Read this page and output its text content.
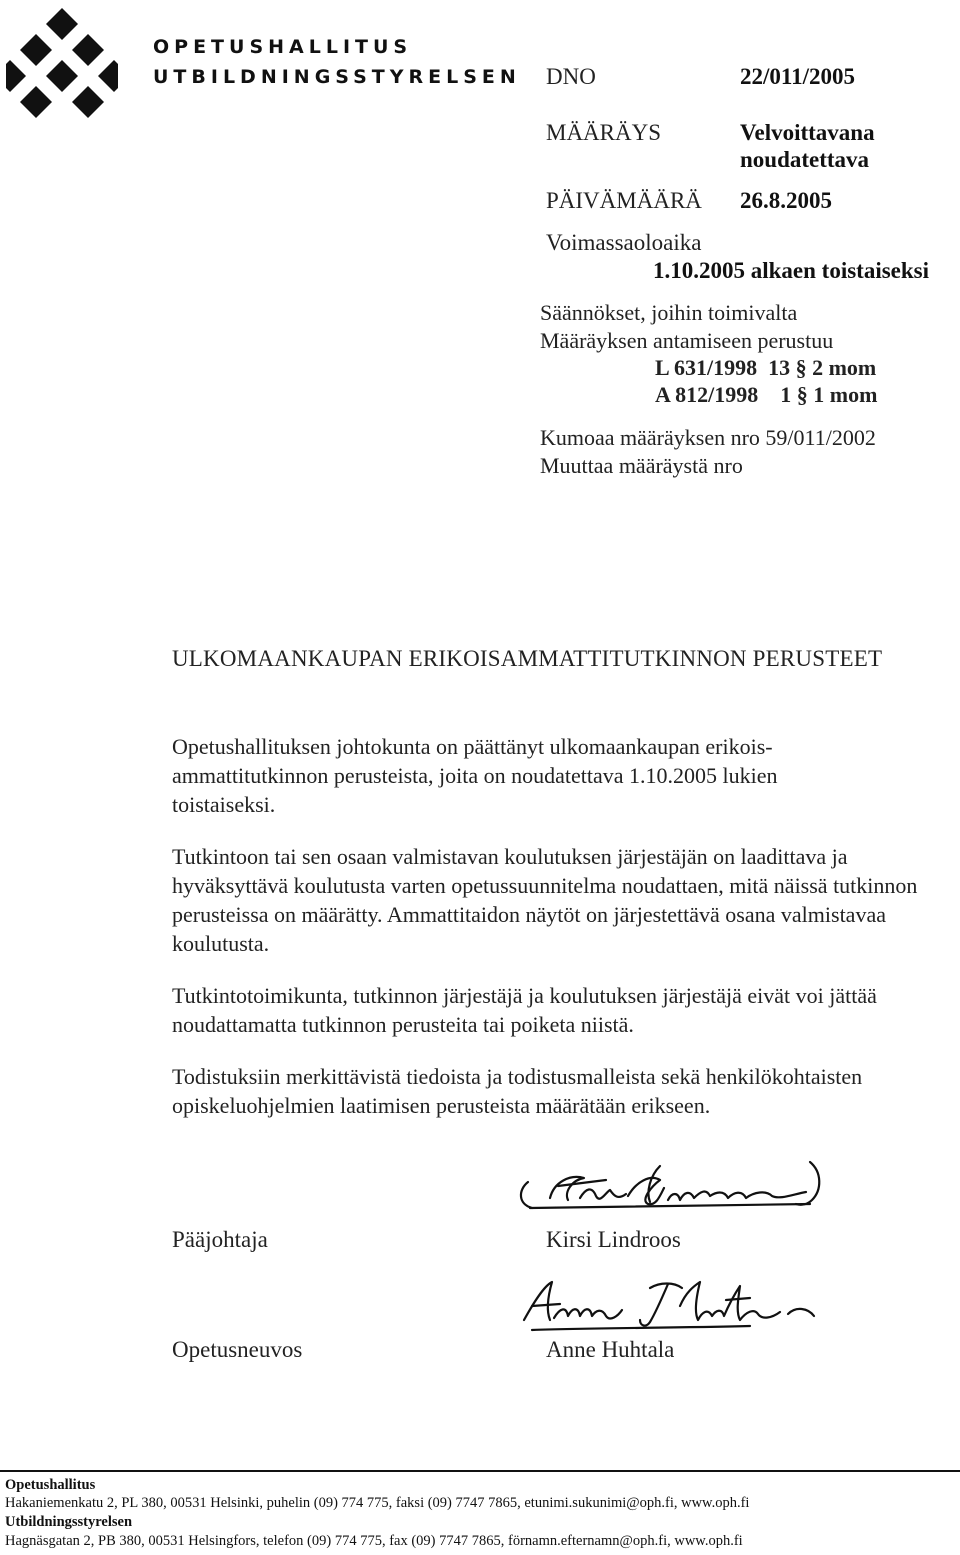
OPETUSHALLITUS
UTBILDNINGSSTYRELSEN DNO	22/011/2005
MÄÄRÄYS	Velvoittavana
noudatettava
PÄIVÄMÄÄRÄ 26.8.2005
Voimassaoloaika
1.10.2005 alkaen toistaiseksi
Säännökset, joihin toimivalta
Määräyksen antamiseen perustuu
L 631/1998  13 § 2 mom
A 812/1998    1 § 1 mom
Kumoaa määräyksen nro 59/011/2002
Muuttaa määräystä nro
ULKOMAANKAUPAN ERIKOISAMMATTITUTKINNON PERUSTEET
Opetushallituksen johtokunta on päättänyt ulkomaankaupan erikois-ammattitutkinnon perusteista, joita on noudatettava 1.10.2005 lukien toistaiseksi.
Tutkintoon tai sen osaan valmistavan koulutuksen järjestäjän on laadittava ja hyväksyttävä koulutusta varten opetussuunnitelma noudattaen, mitä näissä tutkinnon perusteissa on määrätty. Ammattitaidon näytöt on järjestettävä osana valmistavaa koulutusta.
Tutkintotoimikunta, tutkinnon järjestäjä ja koulutuksen järjestäjä eivät voi jättää noudattamatta tutkinnon perusteita tai poiketa niistä.
Todistuksiin merkittävistä tiedoista ja todistusmalleista sekä henkilökohtaisten opiskeluohjelmien laatimisen perusteista määrätään erikseen.
Pääjohtaja	Kirsi Lindroos
Opetusneuvos	Anne Huhtala
Opetushallitus
Hakaniemenkatu 2, PL 380, 00531 Helsinki, puhelin (09) 774 775, faksi (09) 7747 7865, etunimi.sukunimi@oph.fi, www.oph.fi
Utbildningsstyrelsen
Hagnäsgatan 2, PB 380, 00531 Helsingfors, telefon (09) 774 775, fax (09) 7747 7865, förnamn.efternamn@oph.fi, www.oph.fi
